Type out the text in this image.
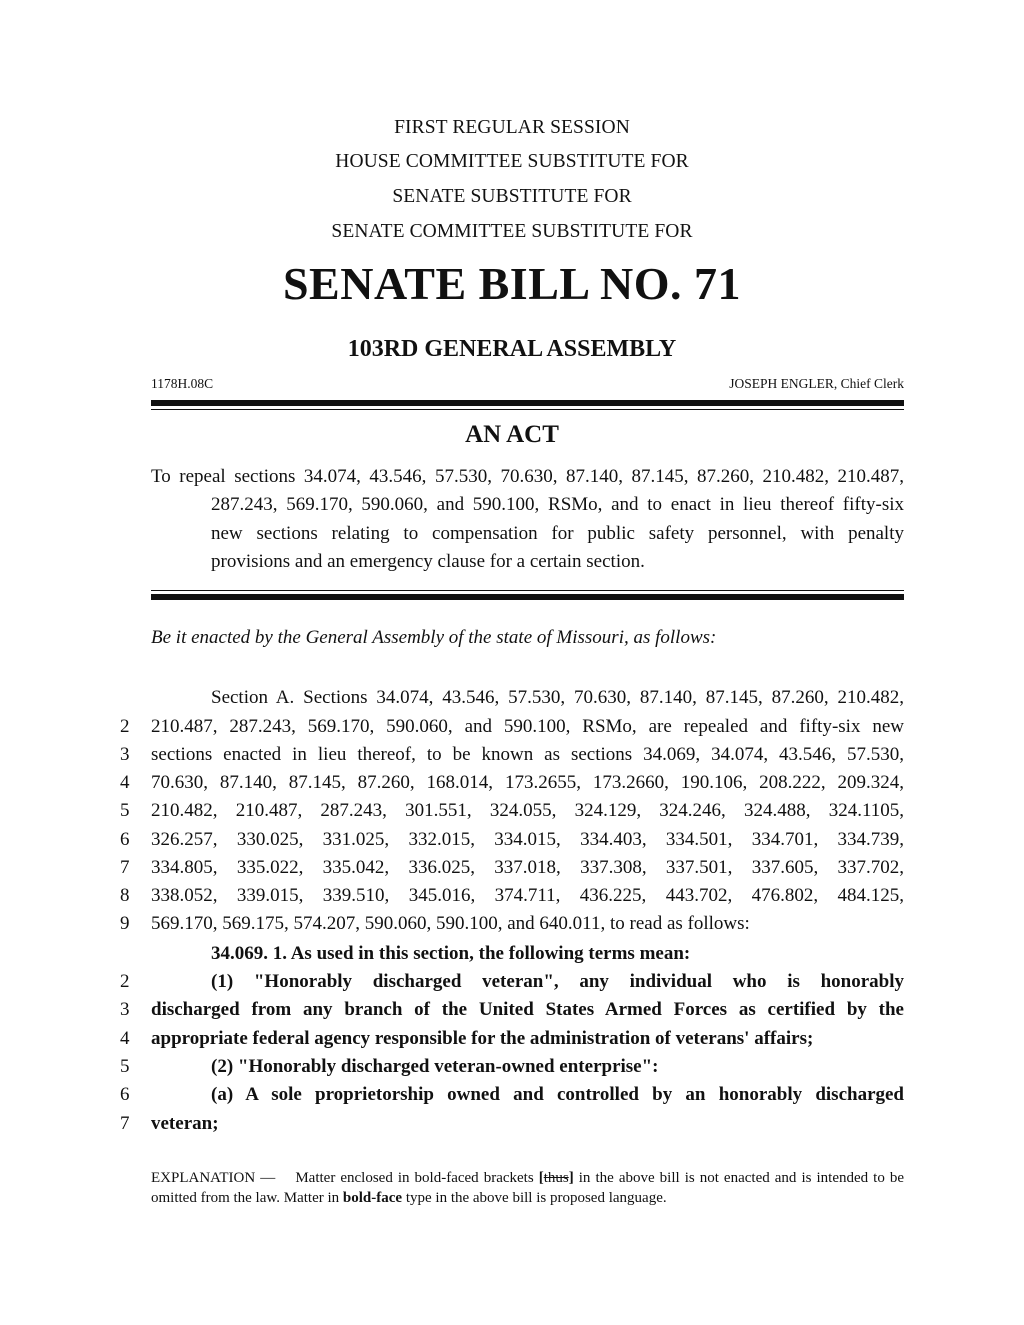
FIRST REGULAR SESSION
HOUSE COMMITTEE SUBSTITUTE FOR
SENATE SUBSTITUTE FOR
SENATE COMMITTEE SUBSTITUTE FOR
SENATE BILL NO. 71
103RD GENERAL ASSEMBLY
1178H.08C	JOSEPH ENGLER, Chief Clerk
AN ACT
To repeal sections 34.074, 43.546, 57.530, 70.630, 87.140, 87.145, 87.260, 210.482, 210.487,
287.243, 569.170, 590.060, and 590.100, RSMo, and to enact in lieu thereof fifty-six
new sections relating to compensation for public safety personnel, with penalty
provisions and an emergency clause for a certain section.
Be it enacted by the General Assembly of the state of Missouri, as follows:
Section A. Sections 34.074, 43.546, 57.530, 70.630, 87.140, 87.145, 87.260, 210.482,
2	210.487, 287.243, 569.170, 590.060, and 590.100, RSMo, are repealed and fifty-six new
3	sections enacted in lieu thereof, to be known as sections 34.069, 34.074, 43.546, 57.530,
4	70.630, 87.140, 87.145, 87.260, 168.014, 173.2655, 173.2660, 190.106, 208.222, 209.324,
5	210.482, 210.487, 287.243, 301.551, 324.055, 324.129, 324.246, 324.488, 324.1105,
6	326.257, 330.025, 331.025, 332.015, 334.015, 334.403, 334.501, 334.701, 334.739,
7	334.805, 335.022, 335.042, 336.025, 337.018, 337.308, 337.501, 337.605, 337.702,
8	338.052, 339.015, 339.510, 345.016, 374.711, 436.225, 443.702, 476.802, 484.125,
9	569.170, 569.175, 574.207, 590.060, 590.100, and 640.011, to read as follows:
34.069. 1. As used in this section, the following terms mean:
2	(1) "Honorably discharged veteran", any individual who is honorably
3	discharged from any branch of the United States Armed Forces as certified by the
4	appropriate federal agency responsible for the administration of veterans' affairs;
5	(2) "Honorably discharged veteran-owned enterprise":
6	(a) A sole proprietorship owned and controlled by an honorably discharged
7	veteran;
EXPLANATION — Matter enclosed in bold-faced brackets [thus] in the above bill is not enacted and is intended to be omitted from the law. Matter in bold-face type in the above bill is proposed language.
